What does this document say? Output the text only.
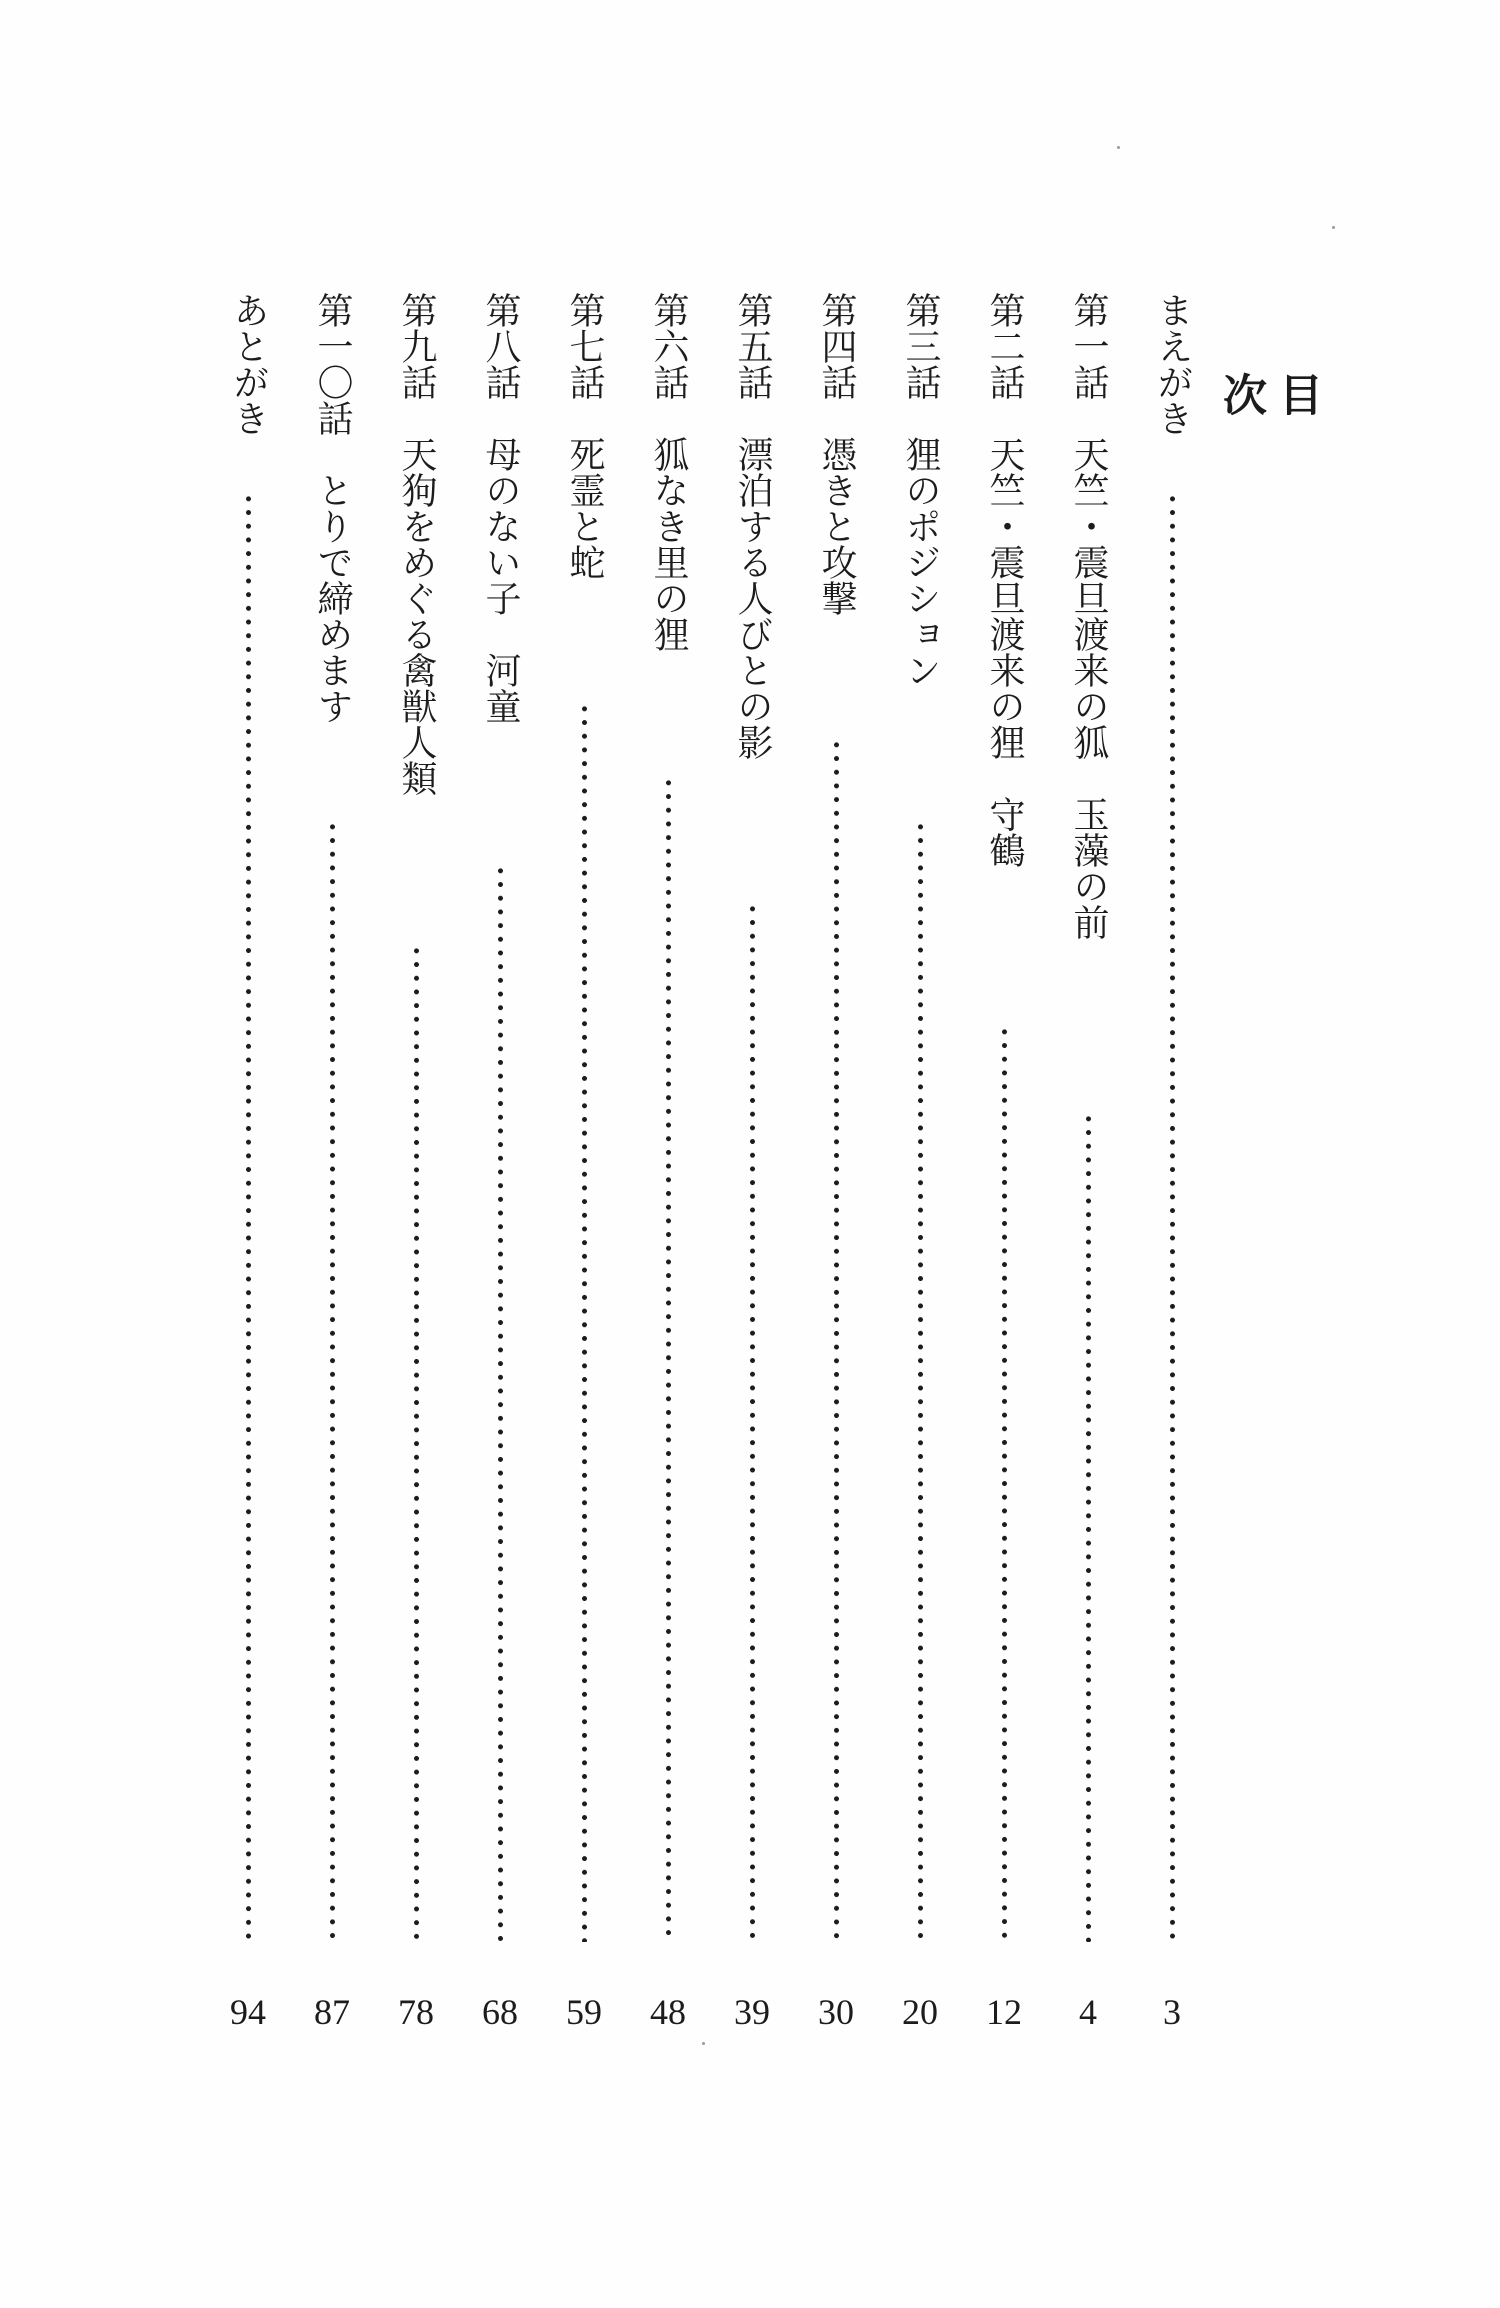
目 次
まえがき
3
第一話　天竺・震旦渡来の狐　玉藻の前
4
第二話　天竺・震旦渡来の狸　守鶴
12
第三話　狸のポジション
20
第四話　憑きと攻撃
30
第五話　漂泊する人びとの影
39
第六話　狐なき里の狸
48
第七話　死霊と蛇
59
第八話　母のない子　河童
68
第九話　天狗をめぐる禽獣人類
78
第一〇話　とりで締めます
87
あとがき
94
